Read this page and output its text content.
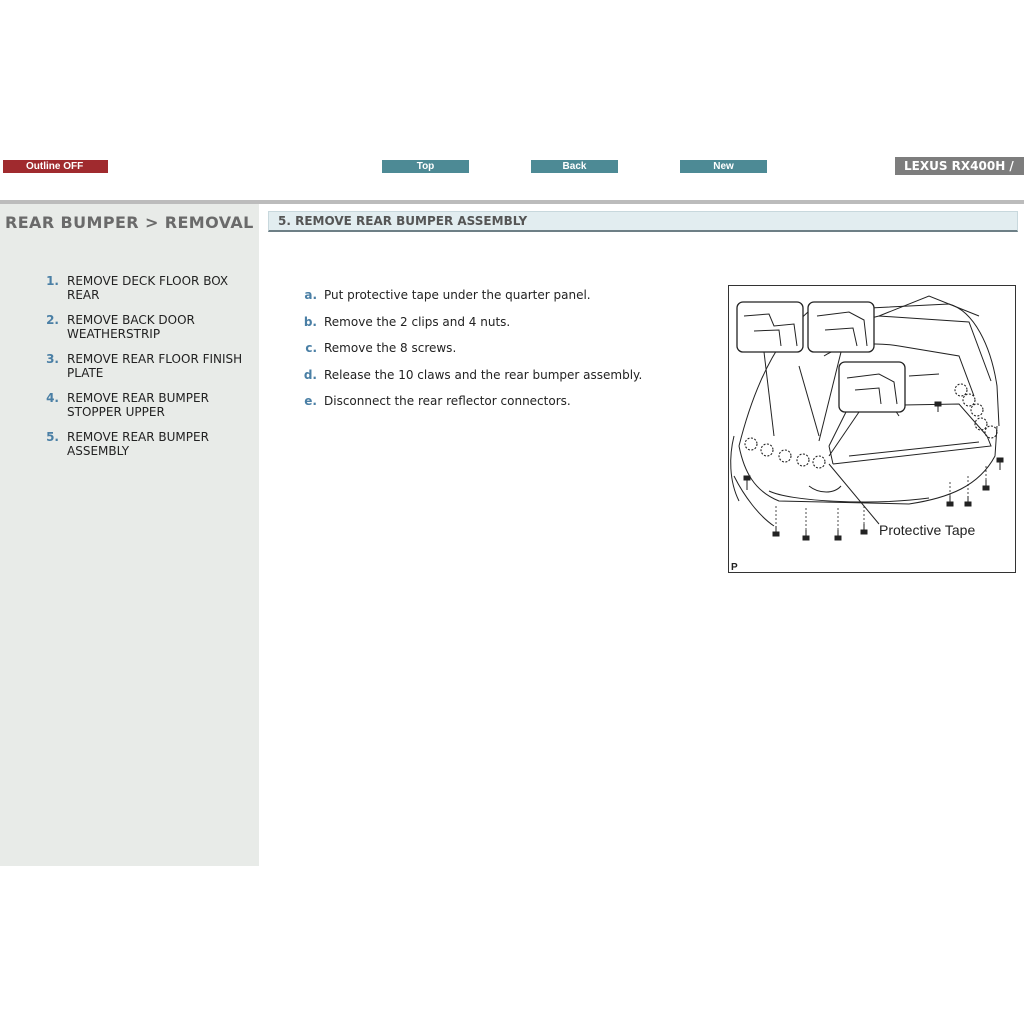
Outline OFF	Top	Back	New	LEXUS RX400H /
REAR BUMPER > REMOVAL
1. REMOVE DECK FLOOR BOX REAR
2. REMOVE BACK DOOR WEATHERSTRIP
3. REMOVE REAR FLOOR FINISH PLATE
4. REMOVE REAR BUMPER STOPPER UPPER
5. REMOVE REAR BUMPER ASSEMBLY
5. REMOVE REAR BUMPER ASSEMBLY
a. Put protective tape under the quarter panel.
b. Remove the 2 clips and 4 nuts.
c. Remove the 8 screws.
d. Release the 10 claws and the rear bumper assembly.
e. Disconnect the rear reflector connectors.
Protective Tape
P
